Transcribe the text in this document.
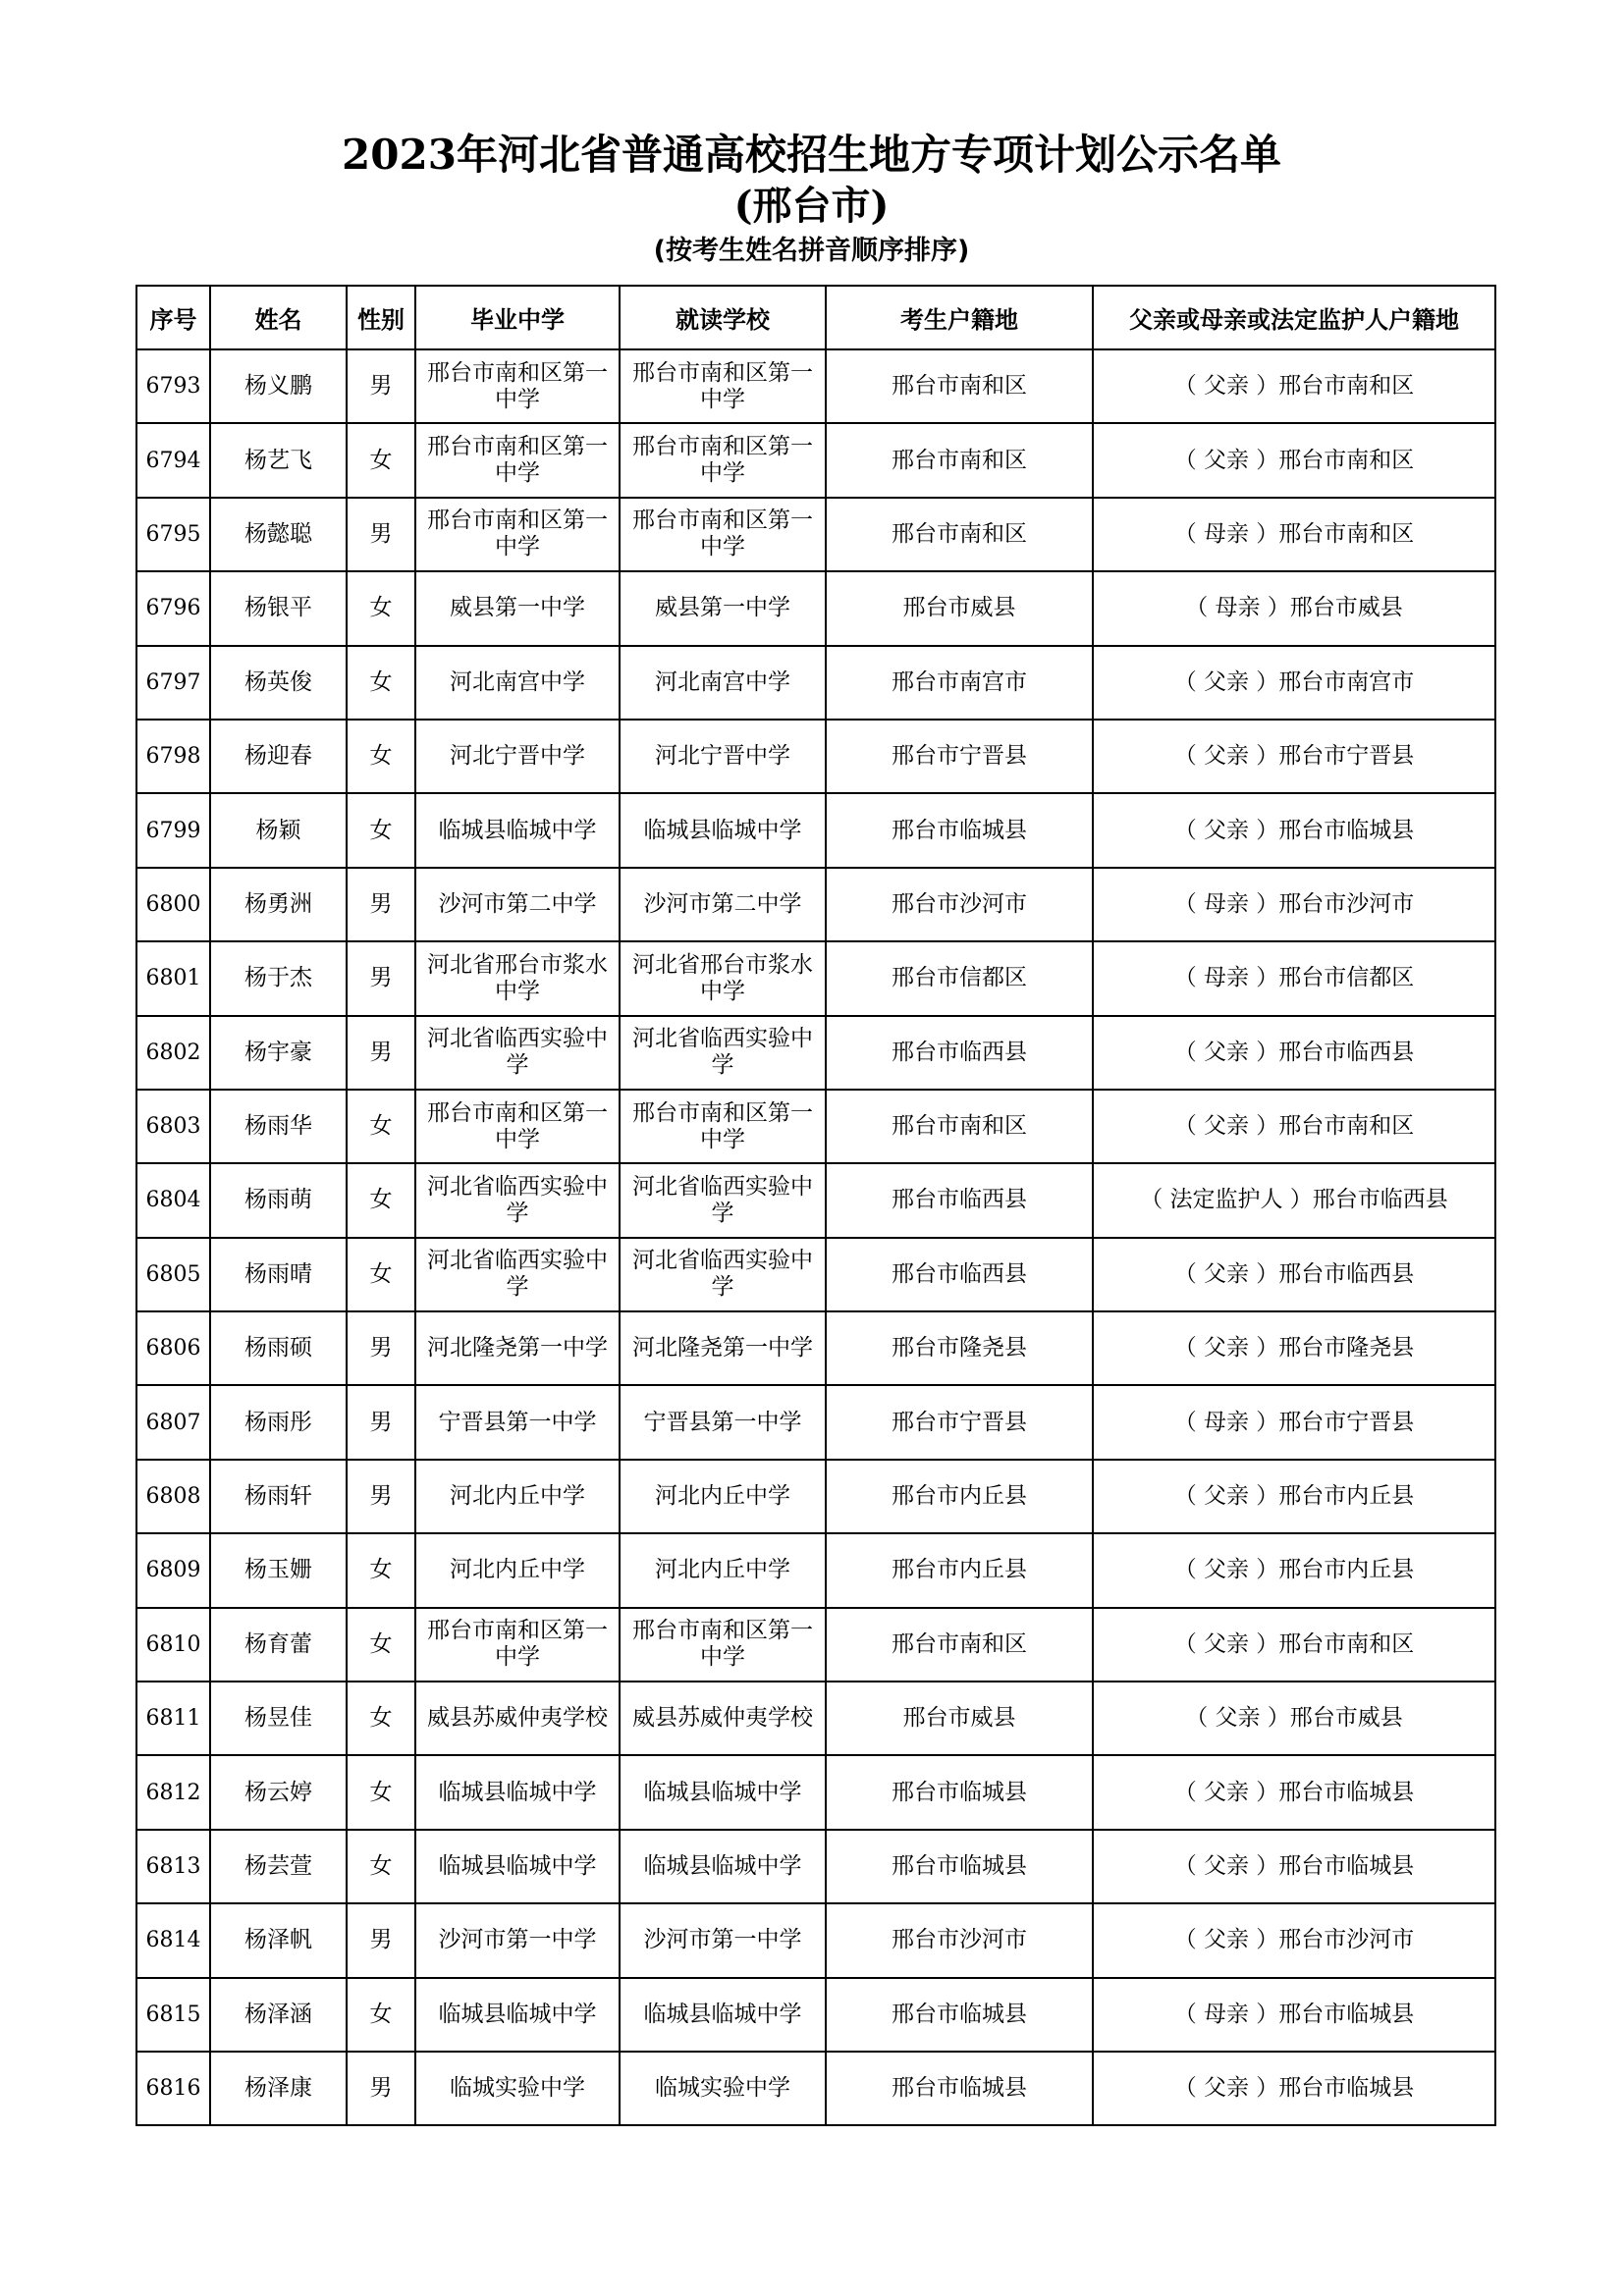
2023年河北省普通高校招生地方专项计划公示名单
(邢台市)
(按考生姓名拼音顺序排序)
序号	姓名	性别	毕业中学	就读学校	考生户籍地	父亲或母亲或法定监护人户籍地
6793	杨义鹏	男	邢台市南和区第一中学	邢台市南和区第一中学	邢台市南和区	（ 父亲 ）邢台市南和区
6794	杨艺飞	女	邢台市南和区第一中学	邢台市南和区第一中学	邢台市南和区	（ 父亲 ）邢台市南和区
6795	杨懿聪	男	邢台市南和区第一中学	邢台市南和区第一中学	邢台市南和区	（ 母亲 ）邢台市南和区
6796	杨银平	女	威县第一中学	威县第一中学	邢台市威县	（ 母亲 ）邢台市威县
6797	杨英俊	女	河北南宫中学	河北南宫中学	邢台市南宫市	（ 父亲 ）邢台市南宫市
6798	杨迎春	女	河北宁晋中学	河北宁晋中学	邢台市宁晋县	（ 父亲 ）邢台市宁晋县
6799	杨颖	女	临城县临城中学	临城县临城中学	邢台市临城县	（ 父亲 ）邢台市临城县
6800	杨勇洲	男	沙河市第二中学	沙河市第二中学	邢台市沙河市	（ 母亲 ）邢台市沙河市
6801	杨于杰	男	河北省邢台市浆水中学	河北省邢台市浆水中学	邢台市信都区	（ 母亲 ）邢台市信都区
6802	杨宇豪	男	河北省临西实验中学	河北省临西实验中学	邢台市临西县	（ 父亲 ）邢台市临西县
6803	杨雨华	女	邢台市南和区第一中学	邢台市南和区第一中学	邢台市南和区	（ 父亲 ）邢台市南和区
6804	杨雨萌	女	河北省临西实验中学	河北省临西实验中学	邢台市临西县	（ 法定监护人 ）邢台市临西县
6805	杨雨晴	女	河北省临西实验中学	河北省临西实验中学	邢台市临西县	（ 父亲 ）邢台市临西县
6806	杨雨硕	男	河北隆尧第一中学	河北隆尧第一中学	邢台市隆尧县	（ 父亲 ）邢台市隆尧县
6807	杨雨彤	男	宁晋县第一中学	宁晋县第一中学	邢台市宁晋县	（ 母亲 ）邢台市宁晋县
6808	杨雨轩	男	河北内丘中学	河北内丘中学	邢台市内丘县	（ 父亲 ）邢台市内丘县
6809	杨玉姗	女	河北内丘中学	河北内丘中学	邢台市内丘县	（ 父亲 ）邢台市内丘县
6810	杨育蕾	女	邢台市南和区第一中学	邢台市南和区第一中学	邢台市南和区	（ 父亲 ）邢台市南和区
6811	杨昱佳	女	威县苏威仲夷学校	威县苏威仲夷学校	邢台市威县	（ 父亲 ）邢台市威县
6812	杨云婷	女	临城县临城中学	临城县临城中学	邢台市临城县	（ 父亲 ）邢台市临城县
6813	杨芸萱	女	临城县临城中学	临城县临城中学	邢台市临城县	（ 父亲 ）邢台市临城县
6814	杨泽帆	男	沙河市第一中学	沙河市第一中学	邢台市沙河市	（ 父亲 ）邢台市沙河市
6815	杨泽涵	女	临城县临城中学	临城县临城中学	邢台市临城县	（ 母亲 ）邢台市临城县
6816	杨泽康	男	临城实验中学	临城实验中学	邢台市临城县	（ 父亲 ）邢台市临城县
